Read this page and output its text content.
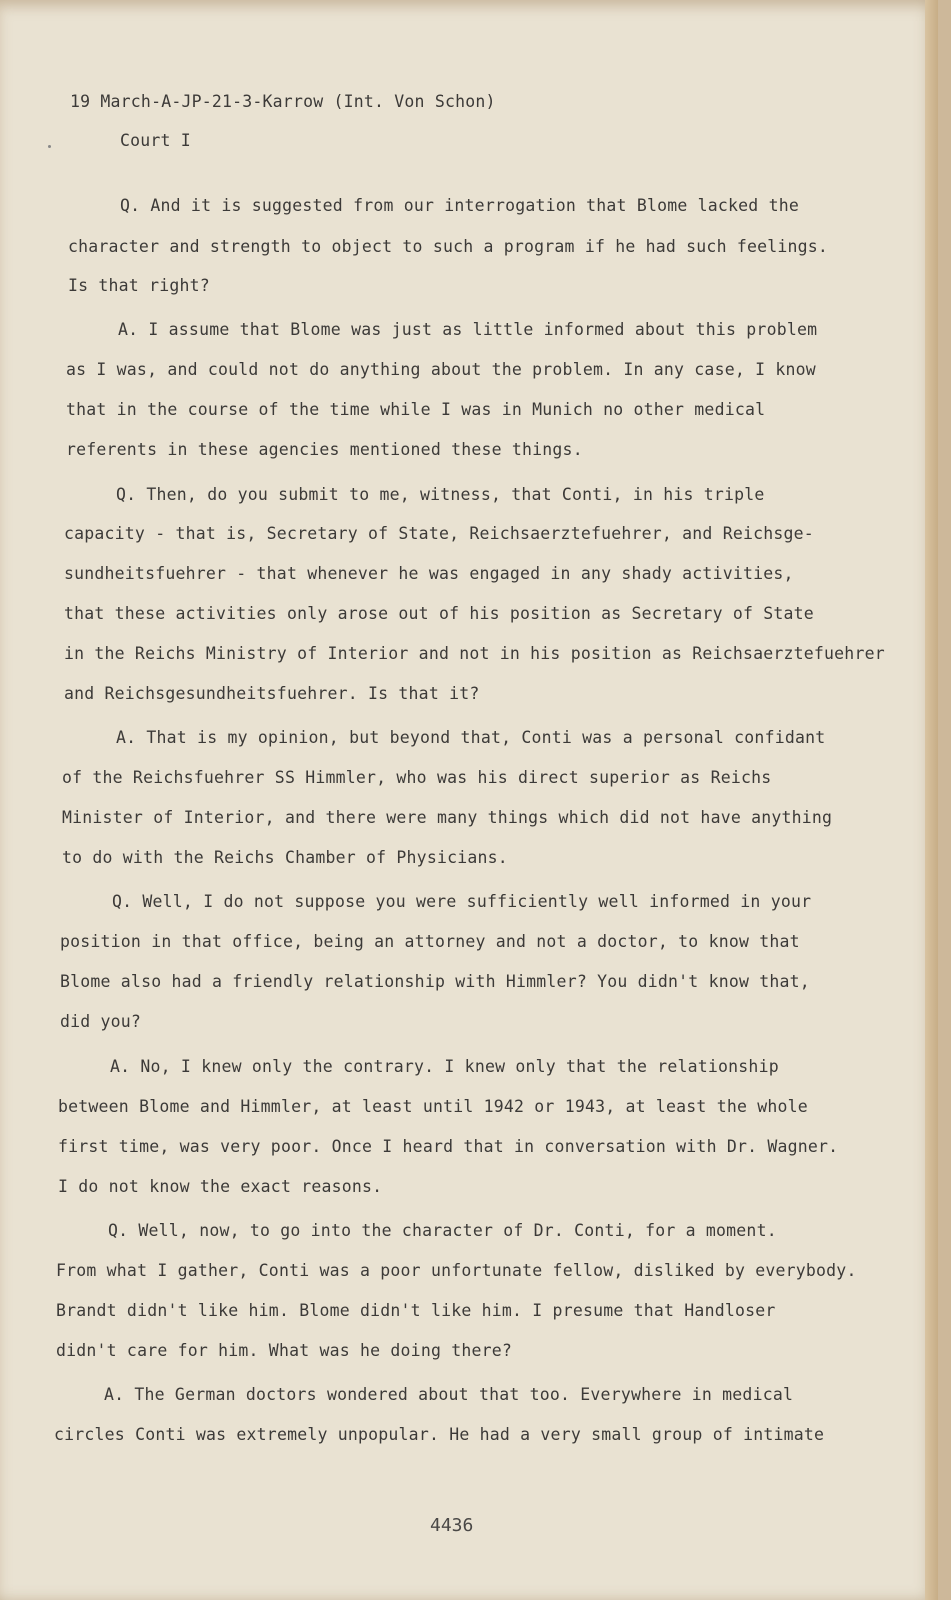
19 March-A-JP-21-3-Karrow (Int. Von Schon)
Court I
Q. And it is suggested from our interrogation that Blome lacked the
character and strength to object to such a program if he had such feelings.
Is that right?
A. I assume that Blome was just as little informed about this problem
as I was, and could not do anything about the problem. In any case, I know
that in the course of the time while I was in Munich no other medical
referents in these agencies mentioned these things.
Q. Then, do you submit to me, witness, that Conti, in his triple
capacity - that is, Secretary of State, Reichsaerztefuehrer, and Reichsge-
sundheitsfuehrer - that whenever he was engaged in any shady activities,
that these activities only arose out of his position as Secretary of State
in the Reichs Ministry of Interior and not in his position as Reichsaerztefuehrer
and Reichsgesundheitsfuehrer. Is that it?
A. That is my opinion, but beyond that, Conti was a personal confidant
of the Reichsfuehrer SS Himmler, who was his direct superior as Reichs
Minister of Interior, and there were many things which did not have anything
to do with the Reichs Chamber of Physicians.
Q. Well, I do not suppose you were sufficiently well informed in your
position in that office, being an attorney and not a doctor, to know that
Blome also had a friendly relationship with Himmler? You didn't know that,
did you?
A. No, I knew only the contrary. I knew only that the relationship
between Blome and Himmler, at least until 1942 or 1943, at least the whole
first time, was very poor. Once I heard that in conversation with Dr. Wagner.
I do not know the exact reasons.
Q. Well, now, to go into the character of Dr. Conti, for a moment.
From what I gather, Conti was a poor unfortunate fellow, disliked by everybody.
Brandt didn't like him. Blome didn't like him. I presume that Handloser
didn't care for him. What was he doing there?
A. The German doctors wondered about that too. Everywhere in medical
circles Conti was extremely unpopular. He had a very small group of intimate
4436
